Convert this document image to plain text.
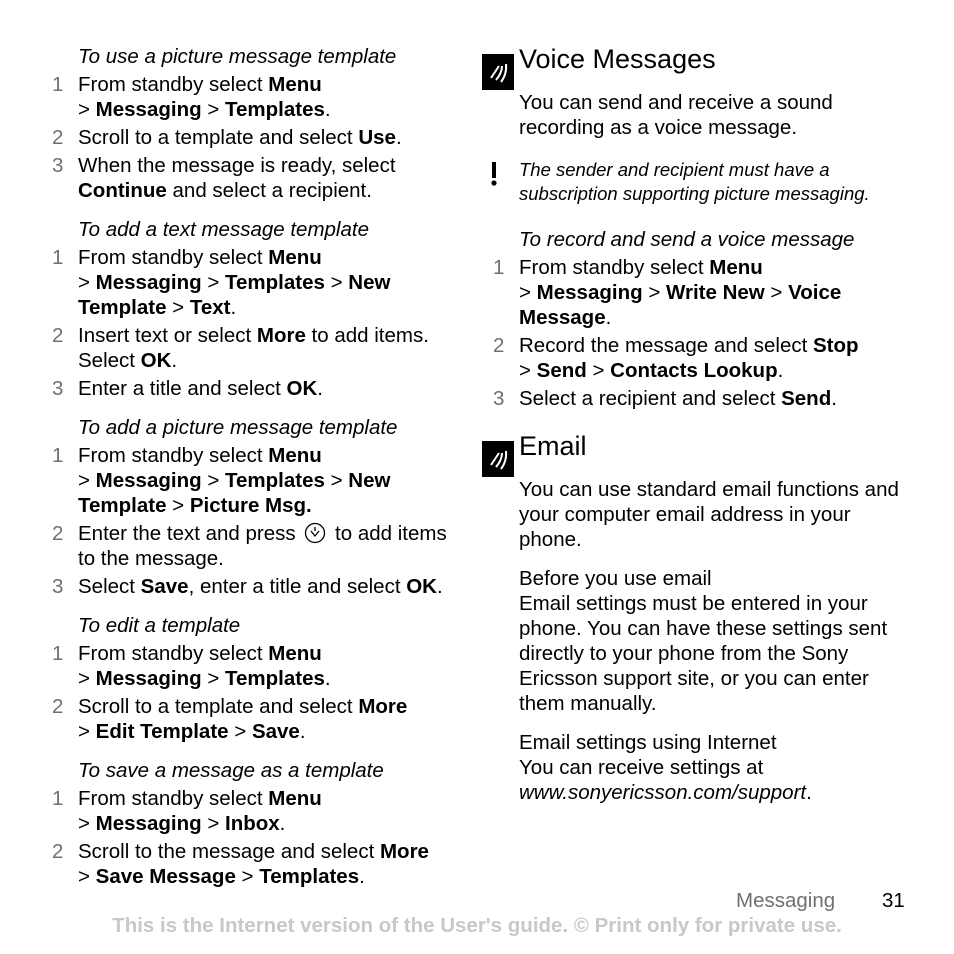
To use a picture message template
1 From standby select Menu
> Messaging > Templates.
2 Scroll to a template and select Use.
3 When the message is ready, select Continue and select a recipient.
To add a text message template
1 From standby select Menu
> Messaging > Templates > New Template > Text.
2 Insert text or select More to add items. Select OK.
3 Enter a title and select OK.
To add a picture message template
1 From standby select Menu
> Messaging > Templates > New Template > Picture Msg.
2 Enter the text and press  to add items to the message.
3 Select Save, enter a title and select OK.
To edit a template
1 From standby select Menu
> Messaging > Templates.
2 Scroll to a template and select More
> Edit Template > Save.
To save a message as a template
1 From standby select Menu
> Messaging > Inbox.
2 Scroll to the message and select More
> Save Message > Templates.
Voice Messages
You can send and receive a sound recording as a voice message.
The sender and recipient must have a subscription supporting picture messaging.
To record and send a voice message
1 From standby select Menu
> Messaging > Write New > Voice Message.
2 Record the message and select Stop
> Send > Contacts Lookup.
3 Select a recipient and select Send.
Email
You can use standard email functions and your computer email address in your phone.
Before you use email
Email settings must be entered in your phone. You can have these settings sent directly to your phone from the Sony Ericsson support site, or you can enter them manually.
Email settings using Internet
You can receive settings at www.sonyericsson.com/support.
Messaging 31
This is the Internet version of the User's guide. © Print only for private use.
